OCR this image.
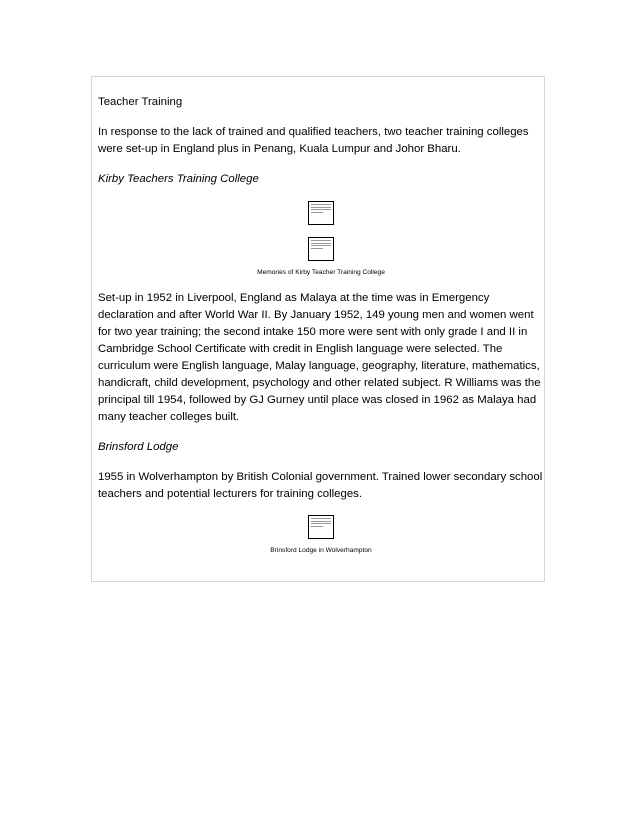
Teacher Training

In response to the lack of trained and qualified teachers, two teacher training colleges were set-up in England plus in Penang, Kuala Lumpur and Johor Bharu.

Kirby Teachers Training College

Memories of Kirby Teacher Training College

Set-up in 1952 in Liverpool, England as Malaya at the time was in Emergency declaration and after World War II. By January 1952, 149 young men and women went for two year training; the second intake 150 more were sent with only grade I and II in Cambridge School Certificate with credit in English language were selected. The curriculum were English language, Malay language, geography, literature, mathematics, handicraft, child development, psychology and other related subject. R Williams was the principal till 1954, followed by GJ Gurney until place was closed in 1962 as Malaya had many teacher colleges built.

Brinsford Lodge

1955 in Wolverhampton by British Colonial government. Trained lower secondary school teachers and potential lecturers for training colleges.

Brinsford Lodge in Wolverhampton
